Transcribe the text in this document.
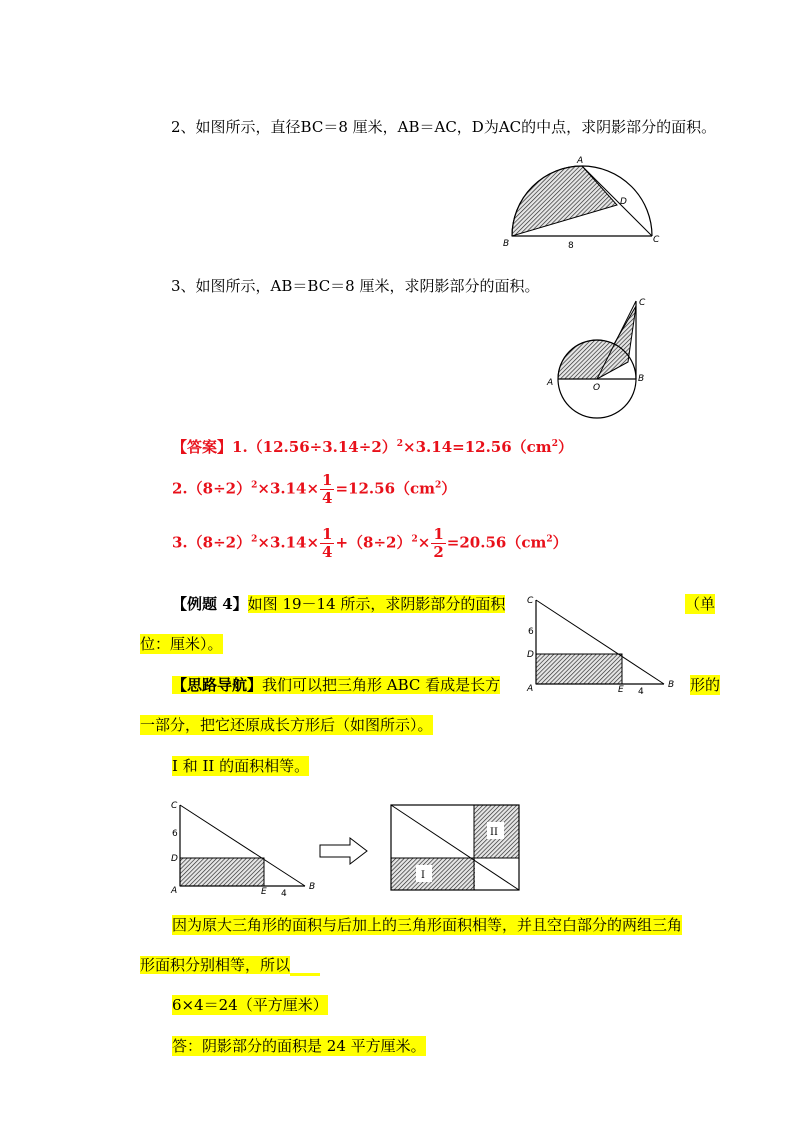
2、如图所示，直径BC＝8 厘米，AB＝AC，D为AC的中点，求阴影部分的面积。
A
B	C
D
8
3、如图所示，AB＝BC＝8 厘米，求阴影部分的面积。
C
A	B
O
【答案】$1.(12.56\div 3.14\div 2)^2\times 3.14=12.56(cm^2)$
$2.(8\div 2)^2\times 3.14\times \frac{1}{4} =12.56(cm^2)$
$3.(8\div 2)^2\times 3.14\times \frac{1}{4} +(8\div 2)^2\times \frac{1}{2} =20.56(cm^2)$
【例题 4】如图 19－14 所示，求阴影部分的面积	（单
位：厘米）。
C
6
D
A	E 4
B
【思路导航】我们可以把三角形 ABC 看成是长方	形的
一部分，把它还原成长方形后（如图所示）。
I 和 II 的面积相等。
C
6
D
A	E 4
B
II
I
因为原大三角形的面积与后加上的三角形面积相等，并且空白部分的两组三角
形面积分别相等，所以
6×4＝24（平方厘米）
答：阴影部分的面积是 24 平方厘米。
